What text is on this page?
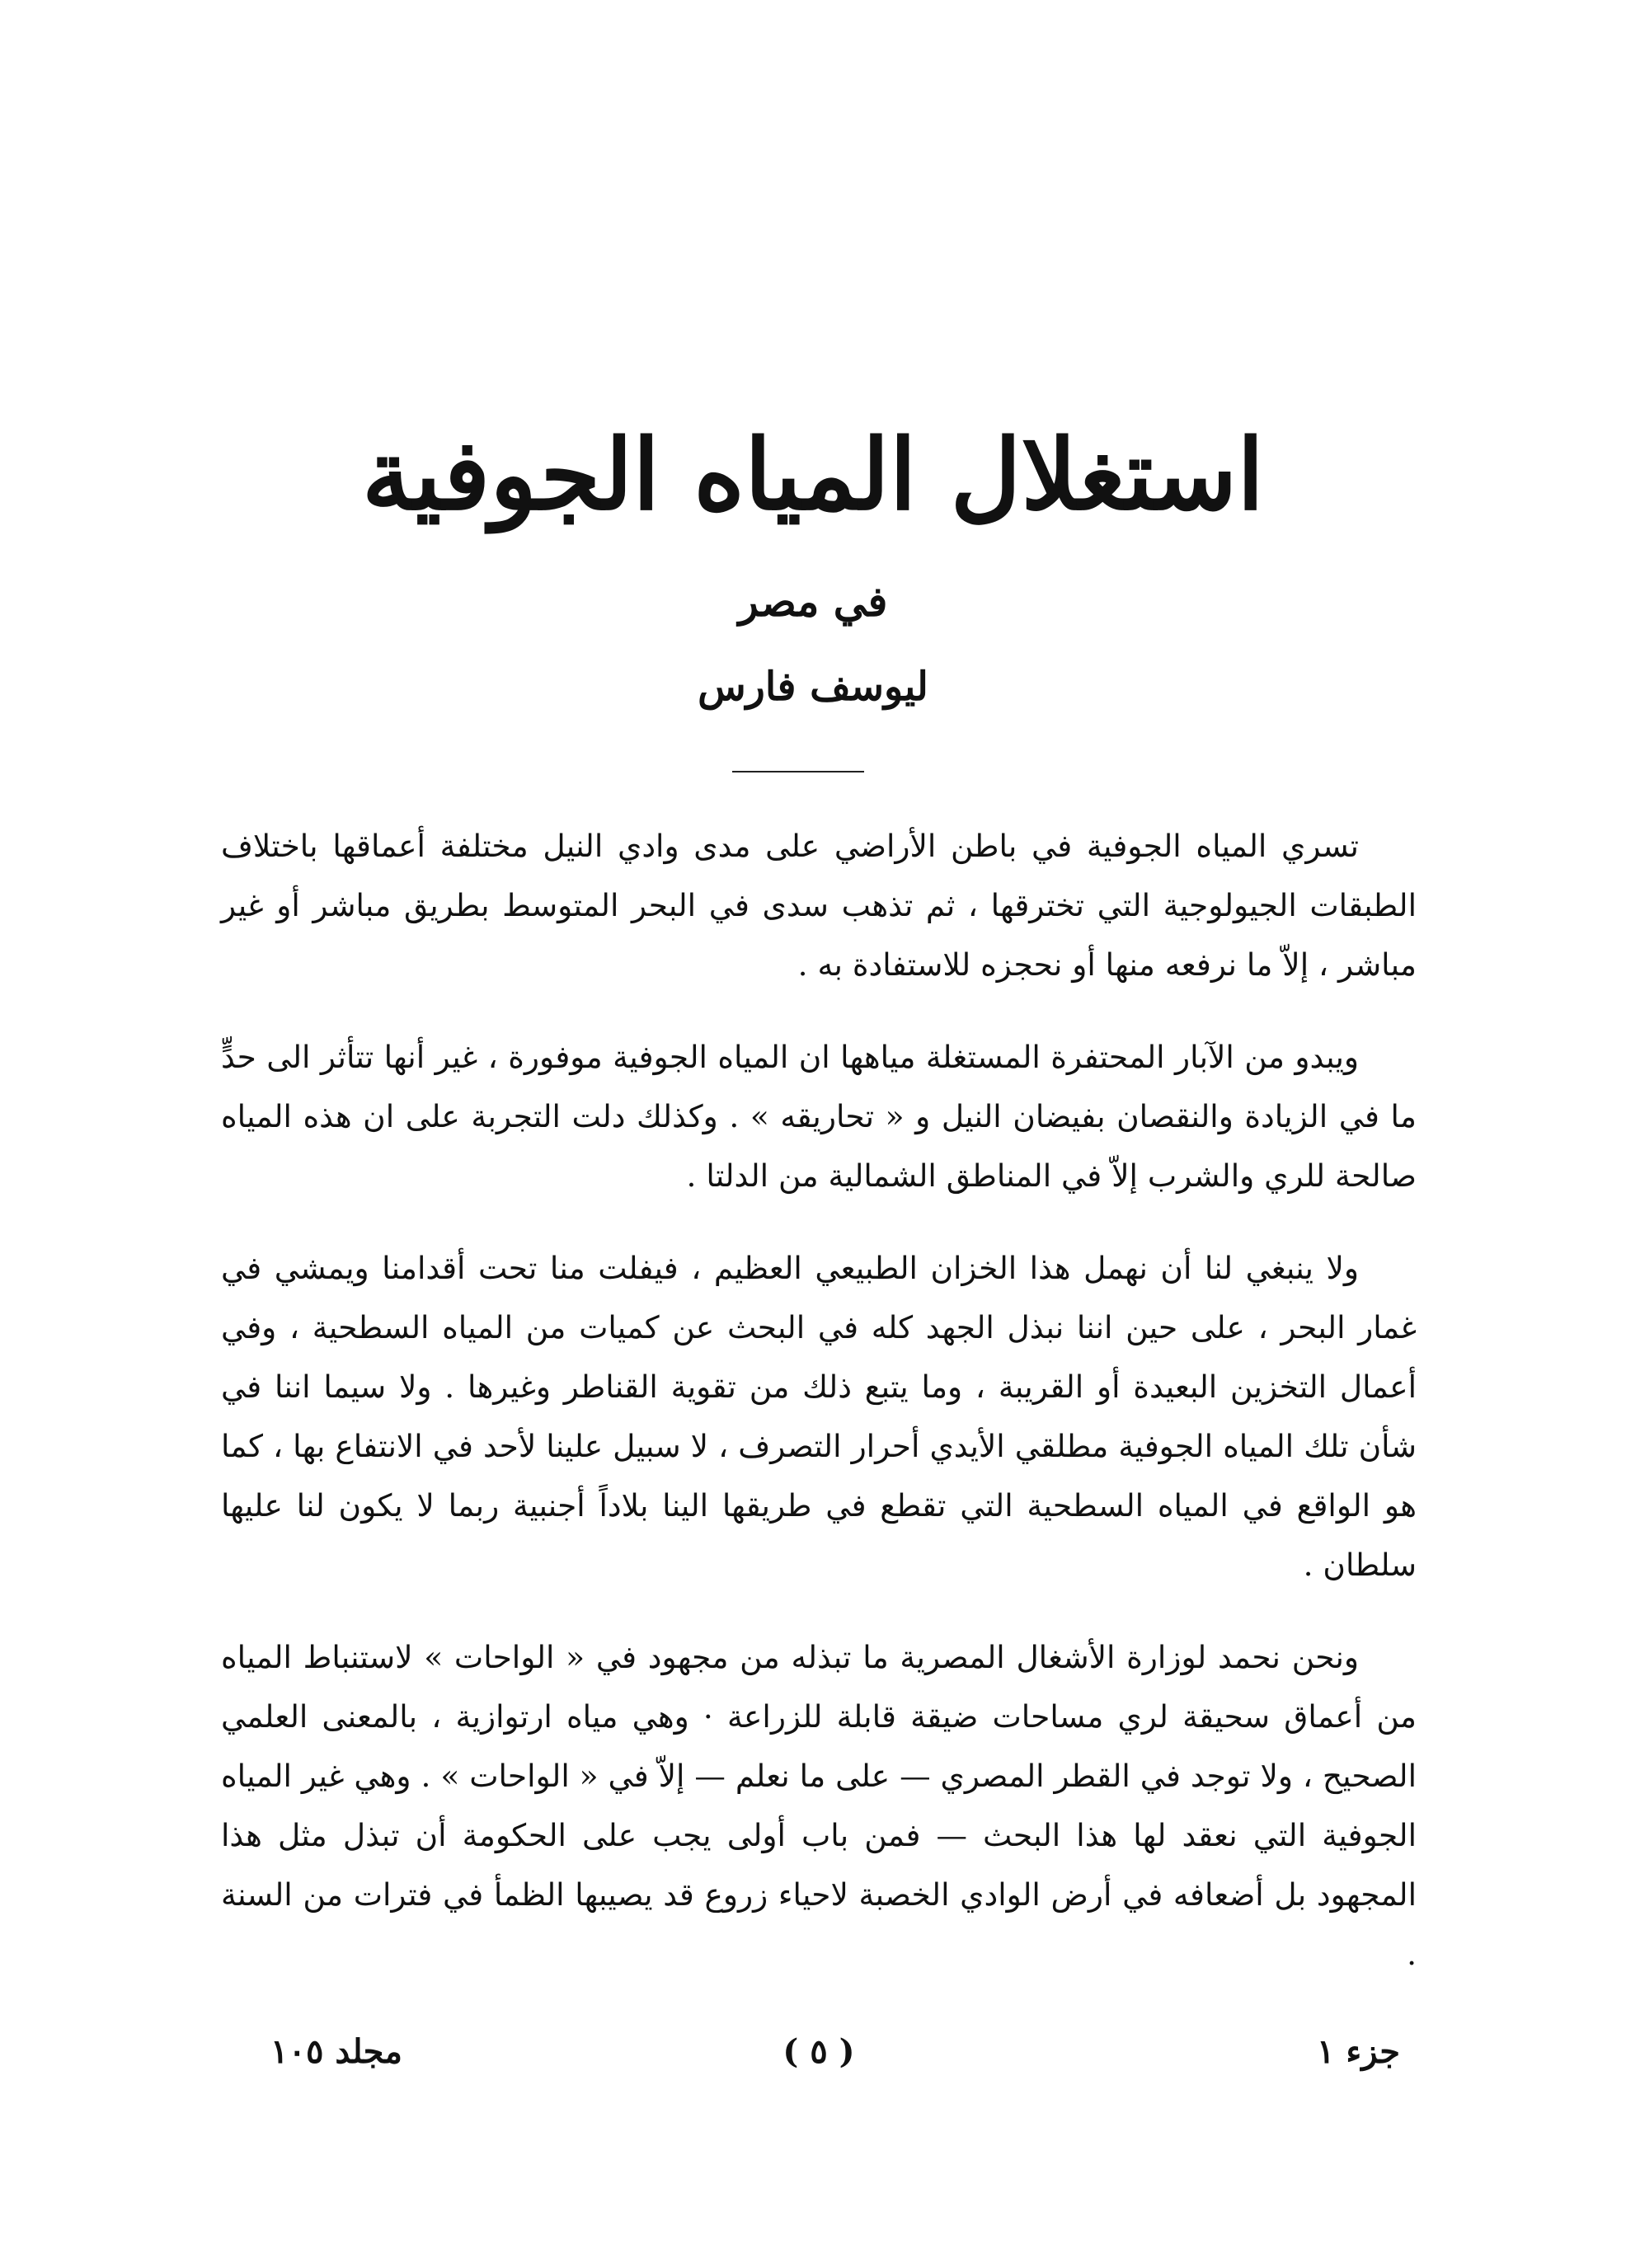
استغلال المياه الجوفية
في مصر
ليوسف فارس

تسري المياه الجوفية في باطن الأراضي على مدى وادي النيل مختلفة أعماقها باختلاف الطبقات الجيولوجية التي تخترقها ، ثم تذهب سدى في البحر المتوسط بطريق مباشر أو غير مباشر ، إلاّ ما نرفعه منها أو نحجزه للاستفادة به .

ويبدو من الآبار المحتفرة المستغلة مياهها ان المياه الجوفية موفورة ، غير أنها تتأثر الى حدٍّ ما في الزيادة والنقصان بفيضان النيل و « تحاريقه » . وكذلك دلت التجربة على ان هذه المياه صالحة للري والشرب إلاّ في المناطق الشمالية من الدلتا .

ولا ينبغي لنا أن نهمل هذا الخزان الطبيعي العظيم ، فيفلت منا تحت أقدامنا ويمشي في غمار البحر ، على حين اننا نبذل الجهد كله في البحث عن كميات من المياه السطحية ، وفي أعمال التخزين البعيدة أو القريبة ، وما يتبع ذلك من تقوية القناطر وغيرها . ولا سيما اننا في شأن تلك المياه الجوفية مطلقي الأيدي أحرار التصرف ، لا سبيل علينا لأحد في الانتفاع بها ، كما هو الواقع في المياه السطحية التي تقطع في طريقها الينا بلاداً أجنبية ربما لا يكون لنا عليها سلطان .

ونحن نحمد لوزارة الأشغال المصرية ما تبذله من مجهود في « الواحات » لاستنباط المياه من أعماق سحيقة لري مساحات ضيقة قابلة للزراعة · وهي مياه ارتوازية ، بالمعنى العلمي الصحيح ، ولا توجد في القطر المصري — على ما نعلم — إلاّ في « الواحات » . وهي غير المياه الجوفية التي نعقد لها هذا البحث — فمن باب أولى يجب على الحكومة أن تبذل مثل هذا المجهود بل أضعافه في أرض الوادي الخصبة لاحياء زروع قد يصيبها الظمأ في فترات من السنة .

جزء ١
( ٥ )
مجلد ١٠٥
